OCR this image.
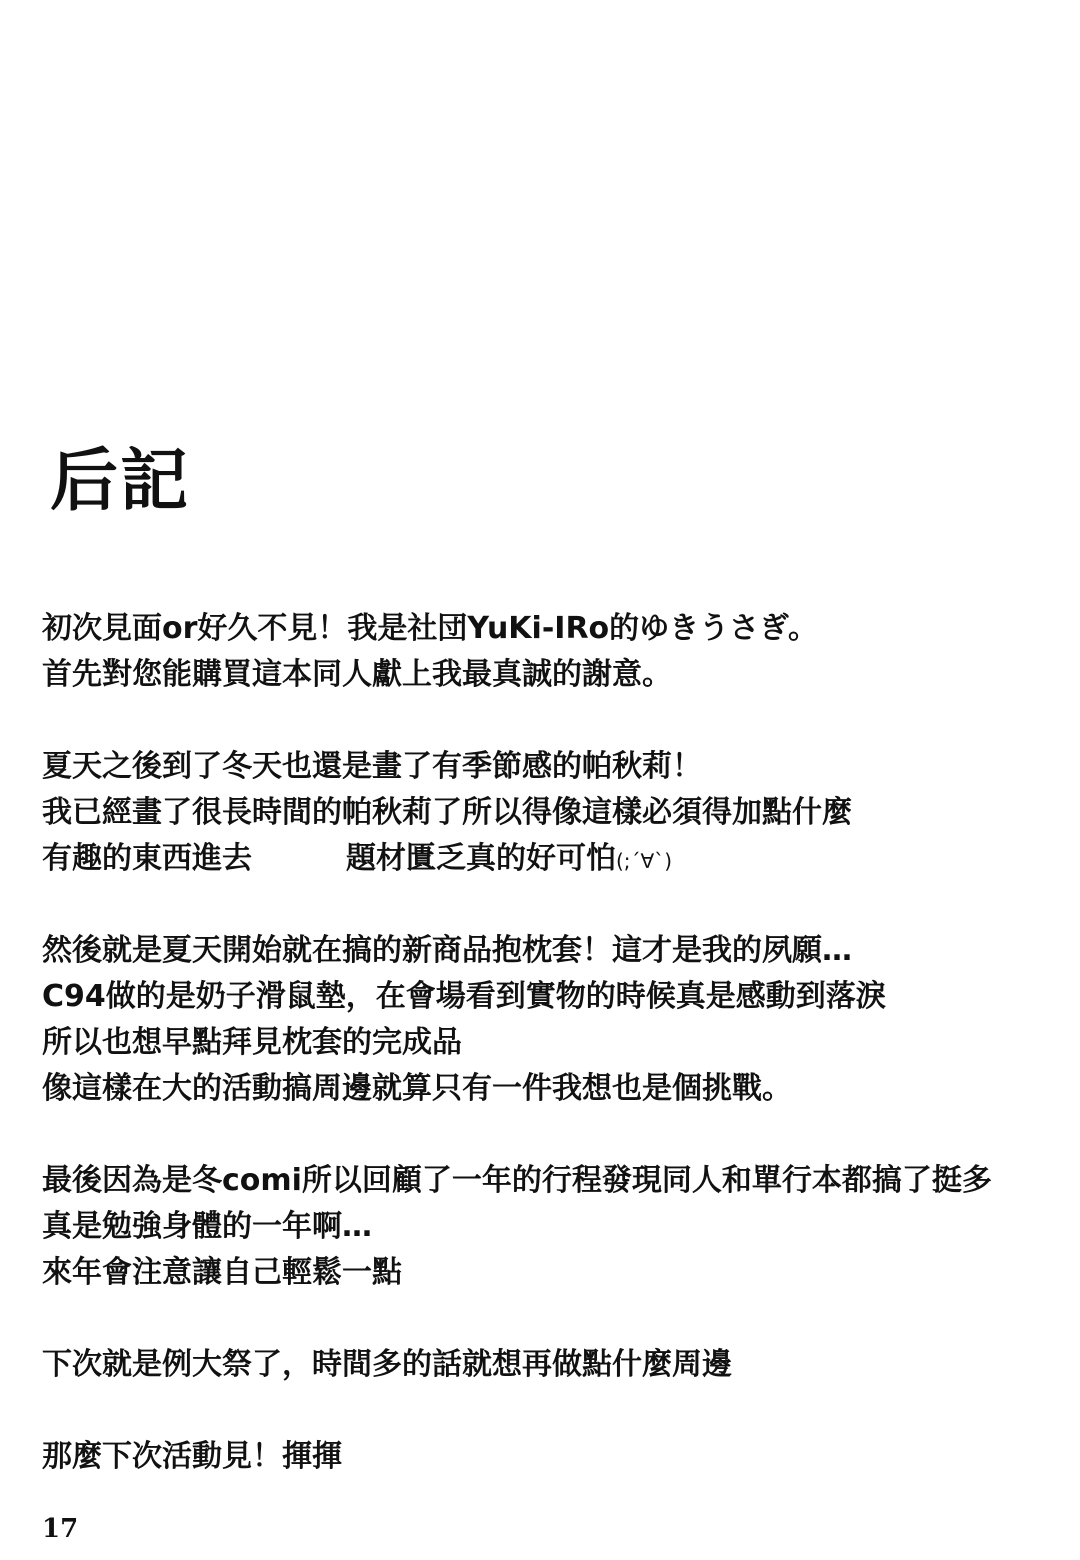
后記
初次見面or好久不見！我是社団YuKi-IRo的ゆきうさぎ。
首先對您能購買這本同人獻上我最真誠的謝意。
夏天之後到了冬天也還是畫了有季節感的帕秋莉！
我已經畫了很長時間的帕秋莉了所以得像這樣必須得加點什麼
有趣的東西進去	題材匱乏真的好可怕(;´∀`)
然後就是夏天開始就在搞的新商品抱枕套！這才是我的夙願…
C94做的是奶子滑鼠墊，在會場看到實物的時候真是感動到落淚
所以也想早點拜見枕套的完成品
像這樣在大的活動搞周邊就算只有一件我想也是個挑戰。
最後因為是冬comi所以回顧了一年的行程發現同人和單行本都搞了挺多
真是勉強身體的一年啊…
來年會注意讓自己輕鬆一點
下次就是例大祭了，時間多的話就想再做點什麼周邊
那麼下次活動見！揮揮
17
